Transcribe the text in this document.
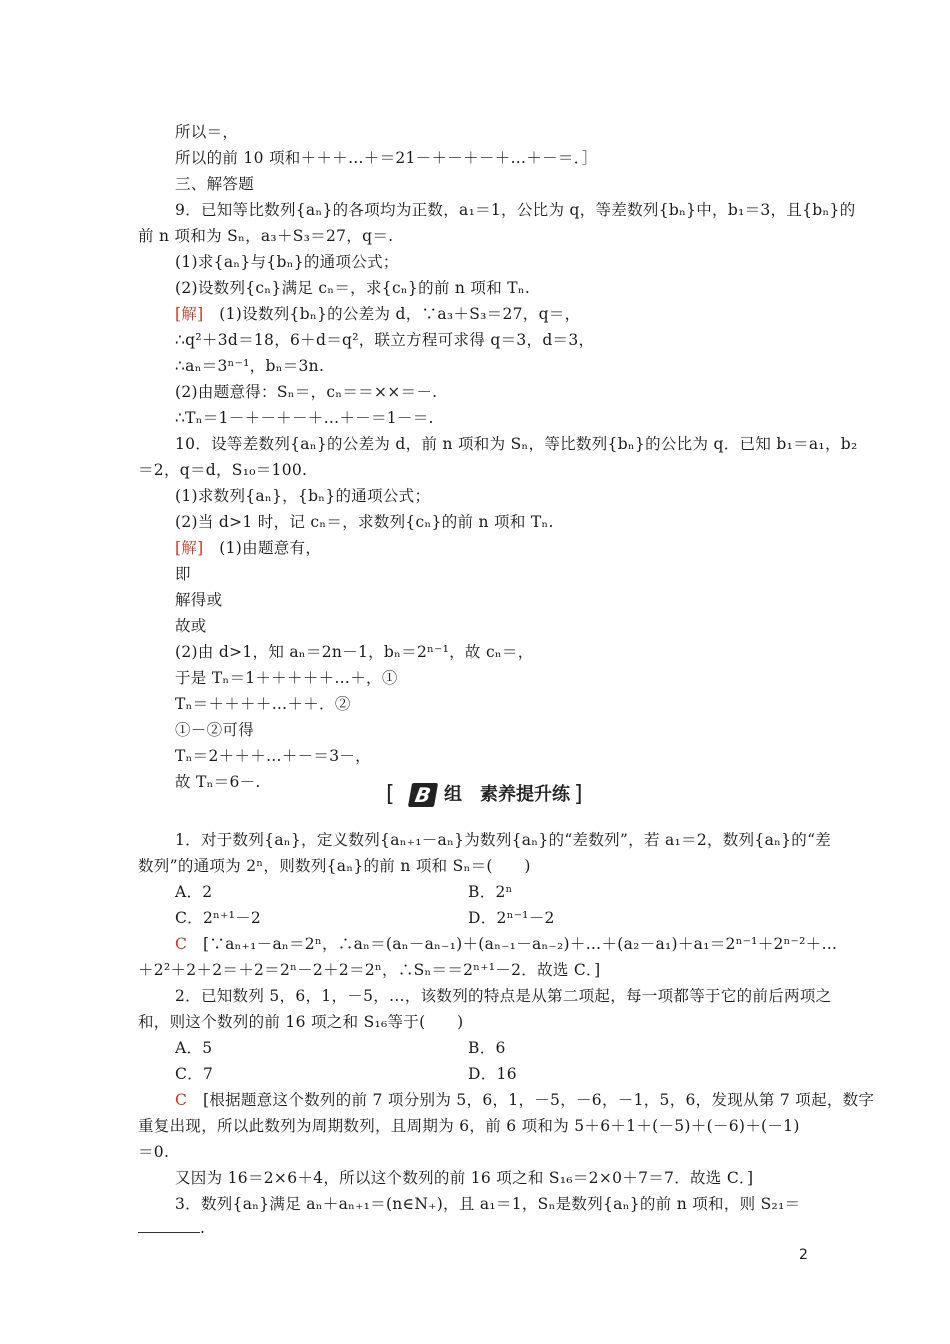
所以＝，
所以的前 10 项和＋＋＋…＋＝21－＋－＋－＋…＋－＝．］
三、解答题
9．已知等比数列{aₙ}的各项均为正数，a₁＝1，公比为 q，等差数列{bₙ}中，b₁＝3，且{bₙ}的
前 n 项和为 Sₙ，a₃＋S₃＝27，q＝.
(1)求{aₙ}与{bₙ}的通项公式；
(2)设数列{cₙ}满足 cₙ＝，求{cₙ}的前 n 项和 Tₙ.
[解]　(1)设数列{bₙ}的公差为 d，∵a₃＋S₃＝27，q＝，
∴q²＋3d＝18，6＋d＝q²，联立方程可求得 q＝3，d＝3，
∴aₙ＝3ⁿ⁻¹，bₙ＝3n.
(2)由题意得：Sₙ＝，cₙ＝＝××＝－.
∴Tₙ＝1－＋－＋－＋…＋－＝1－＝.
10．设等差数列{aₙ}的公差为 d，前 n 项和为 Sₙ，等比数列{bₙ}的公比为 q．已知 b₁＝a₁，b₂
＝2，q＝d，S₁₀＝100.
(1)求数列{aₙ}，{bₙ}的通项公式；
(2)当 d>1 时，记 cₙ＝，求数列{cₙ}的前 n 项和 Tₙ.
[解]　(1)由题意有，
即
解得或
故或
(2)由 d>1，知 aₙ＝2n－1，bₙ＝2ⁿ⁻¹，故 cₙ＝，
于是 Tₙ＝1＋＋＋＋＋…＋，①
Tₙ＝＋＋＋＋…＋＋．②
①－②可得
Tₙ＝2＋＋＋…＋－＝3－，
故 Tₙ＝6－.
1．对于数列{aₙ}，定义数列{aₙ₊₁－aₙ}为数列{aₙ}的“差数列”，若 a₁＝2，数列{aₙ}的“差
数列”的通项为 2ⁿ，则数列{aₙ}的前 n 项和 Sₙ＝(　　)
A．2	B．2ⁿ
C．2ⁿ⁺¹－2	D．2ⁿ⁻¹－2
C　[∵aₙ₊₁－aₙ＝2ⁿ，∴aₙ＝(aₙ－aₙ₋₁)＋(aₙ₋₁－aₙ₋₂)＋…＋(a₂－a₁)＋a₁＝2ⁿ⁻¹＋2ⁿ⁻²＋…
＋2²＋2＋2＝＋2＝2ⁿ－2＋2＝2ⁿ，∴Sₙ＝＝2ⁿ⁺¹－2．故选 C．]
2．已知数列 5，6，1，－5，…，该数列的特点是从第二项起，每一项都等于它的前后两项之
和，则这个数列的前 16 项之和 S₁₆等于(　　)
A．5	B．6
C．7	D．16
C　[根据题意这个数列的前 7 项分别为 5，6，1，－5，－6，－1，5，6，发现从第 7 项起，数字
重复出现，所以此数列为周期数列，且周期为 6，前 6 项和为 5＋6＋1＋(－5)＋(－6)＋(－1)
＝0.
又因为 16＝2×6＋4，所以这个数列的前 16 项之和 S₁₆＝2×0＋7＝7．故选 C．]
3．数列{aₙ}满足 aₙ＋aₙ₊₁＝(n∈N₊)，且 a₁＝1，Sₙ是数列{aₙ}的前 n 项和，则 S₂₁＝
[ B 组　素养提升练 ]
.
2
